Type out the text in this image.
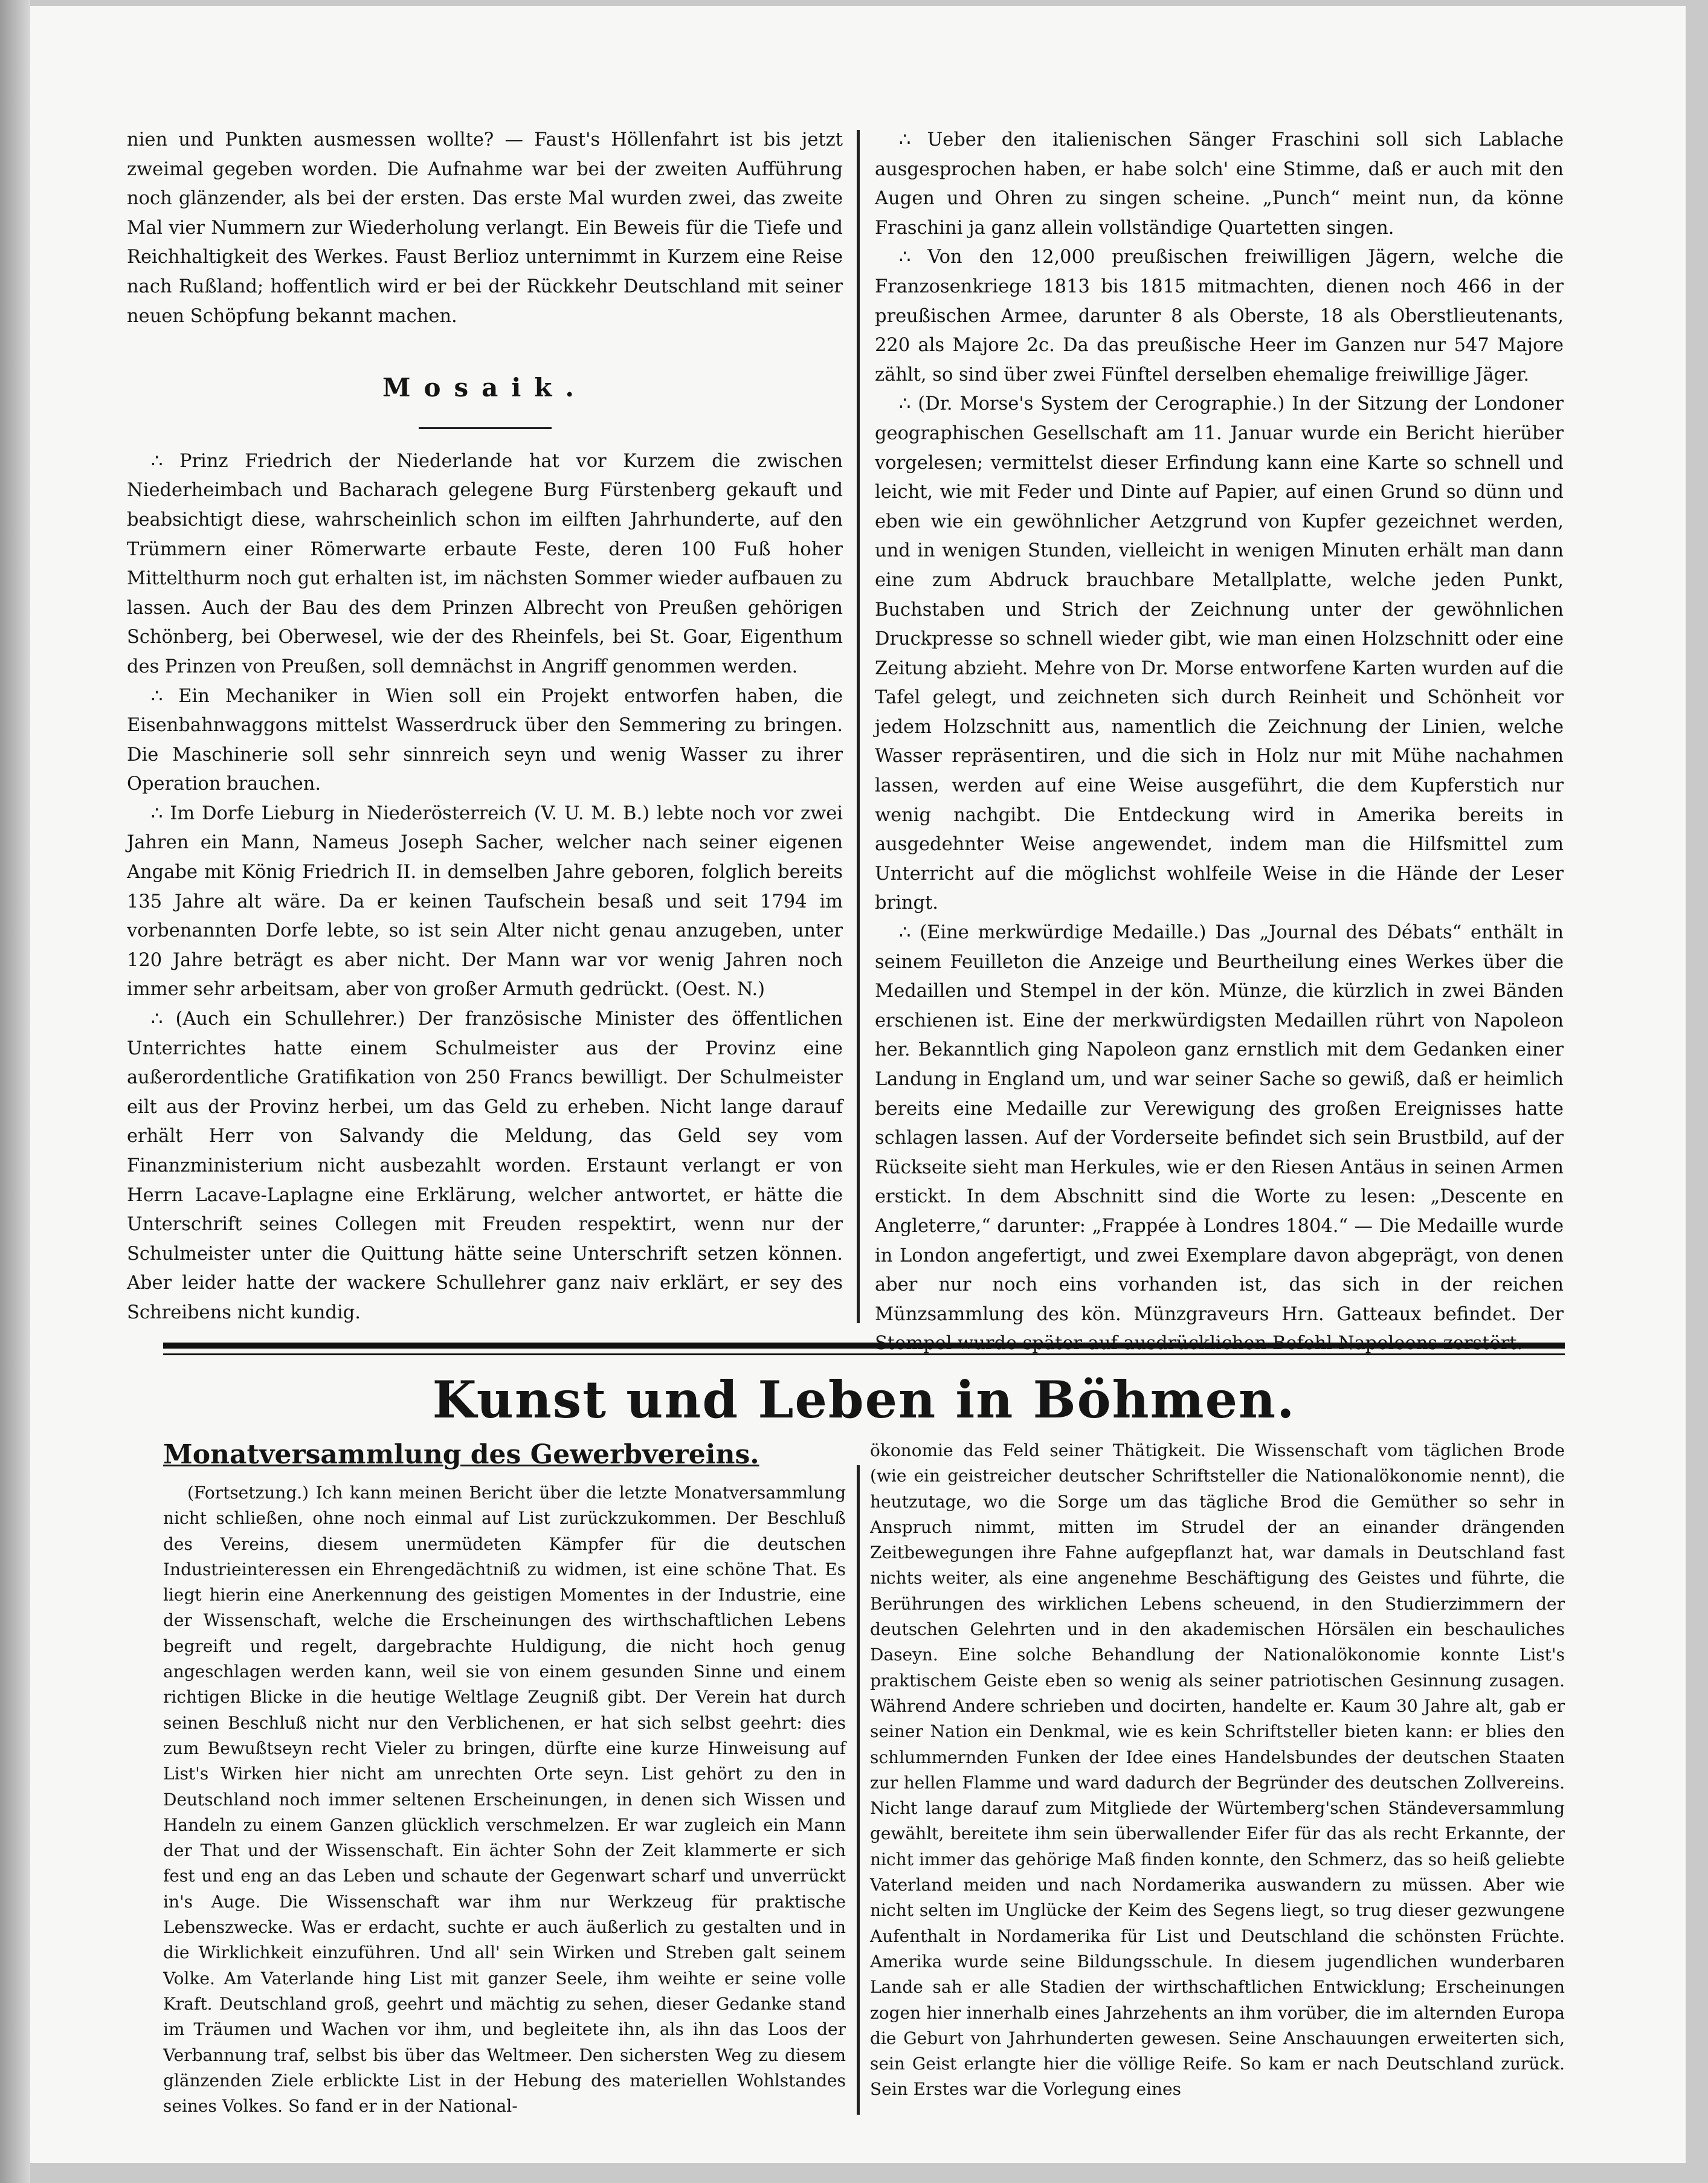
nien und Punkten ausmessen wollte? — Faust's Höllenfahrt ist bis jetzt zweimal gegeben worden. Die Aufnahme war bei der zweiten Aufführung noch glänzender, als bei der ersten. Das erste Mal wurden zwei, das zweite Mal vier Nummern zur Wiederholung verlangt. Ein Beweis für die Tiefe und Reichhaltigkeit des Werkes. Faust Berlioz unternimmt in Kurzem eine Reise nach Rußland; hoffentlich wird er bei der Rückkehr Deutschland mit seiner neuen Schöpfung bekannt machen.

Mosaik.

∴ Prinz Friedrich der Niederlande hat vor Kurzem die zwischen Niederheimbach und Bacharach gelegene Burg Fürstenberg gekauft und beabsichtigt diese, wahrscheinlich schon im eilften Jahrhunderte, auf den Trümmern einer Römerwarte erbaute Feste, deren 100 Fuß hoher Mittelthurm noch gut erhalten ist, im nächsten Sommer wieder aufbauen zu lassen. Auch der Bau des dem Prinzen Albrecht von Preußen gehörigen Schönberg, bei Oberwesel, wie der des Rheinfels, bei St. Goar, Eigenthum des Prinzen von Preußen, soll demnächst in Angriff genommen werden.

∴ Ein Mechaniker in Wien soll ein Projekt entworfen haben, die Eisenbahnwaggons mittelst Wasserdruck über den Semmering zu bringen. Die Maschinerie soll sehr sinnreich seyn und wenig Wasser zu ihrer Operation brauchen.

∴ Im Dorfe Lieburg in Niederösterreich (V. U. M. B.) lebte noch vor zwei Jahren ein Mann, Nameus Joseph Sacher, welcher nach seiner eigenen Angabe mit König Friedrich II. in demselben Jahre geboren, folglich bereits 135 Jahre alt wäre. Da er keinen Taufschein besaß und seit 1794 im vorbenannten Dorfe lebte, so ist sein Alter nicht genau anzugeben, unter 120 Jahre beträgt es aber nicht. Der Mann war vor wenig Jahren noch immer sehr arbeitsam, aber von großer Armuth gedrückt. (Oest. N.)

∴ (Auch ein Schullehrer.) Der französische Minister des öffentlichen Unterrichtes hatte einem Schulmeister aus der Provinz eine außerordentliche Gratifikation von 250 Francs bewilligt. Der Schulmeister eilt aus der Provinz herbei, um das Geld zu erheben. Nicht lange darauf erhält Herr von Salvandy die Meldung, das Geld sey vom Finanzministerium nicht ausbezahlt worden. Erstaunt verlangt er von Herrn Lacave-Laplagne eine Erklärung, welcher antwortet, er hätte die Unterschrift seines Collegen mit Freuden respektirt, wenn nur der Schulmeister unter die Quittung hätte seine Unterschrift setzen können. Aber leider hatte der wackere Schullehrer ganz naiv erklärt, er sey des Schreibens nicht kundig.

∴ Ueber den italienischen Sänger Fraschini soll sich Lablache ausgesprochen haben, er habe solch' eine Stimme, daß er auch mit den Augen und Ohren zu singen scheine. „Punch“ meint nun, da könne Fraschini ja ganz allein vollständige Quartetten singen.

∴ Von den 12,000 preußischen freiwilligen Jägern, welche die Franzosenkriege 1813 bis 1815 mitmachten, dienen noch 466 in der preußischen Armee, darunter 8 als Oberste, 18 als Oberstlieutenants, 220 als Majore 2c. Da das preußische Heer im Ganzen nur 547 Majore zählt, so sind über zwei Fünftel derselben ehemalige freiwillige Jäger.

∴ (Dr. Morse's System der Cerographie.) In der Sitzung der Londoner geographischen Gesellschaft am 11. Januar wurde ein Bericht hierüber vorgelesen; vermittelst dieser Erfindung kann eine Karte so schnell und leicht, wie mit Feder und Dinte auf Papier, auf einen Grund so dünn und eben wie ein gewöhnlicher Aetzgrund von Kupfer gezeichnet werden, und in wenigen Stunden, vielleicht in wenigen Minuten erhält man dann eine zum Abdruck brauchbare Metallplatte, welche jeden Punkt, Buchstaben und Strich der Zeichnung unter der gewöhnlichen Druckpresse so schnell wieder gibt, wie man einen Holzschnitt oder eine Zeitung abzieht. Mehre von Dr. Morse entworfene Karten wurden auf die Tafel gelegt, und zeichneten sich durch Reinheit und Schönheit vor jedem Holzschnitt aus, namentlich die Zeichnung der Linien, welche Wasser repräsentiren, und die sich in Holz nur mit Mühe nachahmen lassen, werden auf eine Weise ausgeführt, die dem Kupferstich nur wenig nachgibt. Die Entdeckung wird in Amerika bereits in ausgedehnter Weise angewendet, indem man die Hilfsmittel zum Unterricht auf die möglichst wohlfeile Weise in die Hände der Leser bringt.

∴ (Eine merkwürdige Medaille.) Das „Journal des Débats“ enthält in seinem Feuilleton die Anzeige und Beurtheilung eines Werkes über die Medaillen und Stempel in der kön. Münze, die kürzlich in zwei Bänden erschienen ist. Eine der merkwürdigsten Medaillen rührt von Napoleon her. Bekanntlich ging Napoleon ganz ernstlich mit dem Gedanken einer Landung in England um, und war seiner Sache so gewiß, daß er heimlich bereits eine Medaille zur Verewigung des großen Ereignisses hatte schlagen lassen. Auf der Vorderseite befindet sich sein Brustbild, auf der Rückseite sieht man Herkules, wie er den Riesen Antäus in seinen Armen erstickt. In dem Abschnitt sind die Worte zu lesen: „Descente en Angleterre,“ darunter: „Frappée à Londres 1804.“ — Die Medaille wurde in London angefertigt, und zwei Exemplare davon abgeprägt, von denen aber nur noch eins vorhanden ist, das sich in der reichen Münzsammlung des kön. Münzgraveurs Hrn. Gatteaux befindet. Der

Kunst und Leben in Böhmen.
Monatversammlung des Gewerbvereins.

(Fortsetzung.) Ich kann meinen Bericht über die letzte Monatversammlung nicht schließen, ohne noch einmal auf List zurückzukommen. Der Beschluß des Vereins, diesem unermüdeten Kämpfer für die deutschen Industrieinteressen ein Ehrengedächtniß zu widmen, ist eine schöne That. Es liegt hierin eine Anerkennung des geistigen Momentes in der Industrie, eine der Wissenschaft, welche die Erscheinungen des wirthschaftlichen Lebens begreift und regelt, dargebrachte Huldigung, die nicht hoch genug angeschlagen werden kann, weil sie von einem gesunden Sinne und einem richtigen Blicke in die heutige Weltlage Zeugniß gibt. Der Verein hat durch seinen Beschluß nicht nur den Verblichenen, er hat sich selbst geehrt: dies zum Bewußtseyn recht Vieler zu bringen, dürfte eine kurze Hinweisung auf List's Wirken hier nicht am unrechten Orte seyn. List gehört zu den in Deutschland noch immer seltenen Erscheinungen, in denen sich Wissen und Handeln zu einem Ganzen glücklich verschmelzen. Er war zugleich ein Mann der That und der Wissenschaft. Ein ächter Sohn der Zeit klammerte er sich fest und eng an das Leben und schaute der Gegenwart scharf und unverrückt in's Auge. Die Wissenschaft war ihm nur Werkzeug für praktische Lebenszwecke. Was er erdacht, suchte er auch äußerlich zu gestalten und in die Wirklichkeit einzuführen. Und all' sein Wirken und Streben galt seinem Volke. Am Vaterlande hing List mit ganzer Seele, ihm weihte er seine volle Kraft. Deutschland groß, geehrt und mächtig zu sehen, dieser Gedanke stand im Träumen und Wachen vor ihm, und begleitete ihn, als ihn das Loos der Verbannung traf, selbst bis über das Weltmeer. Den sichersten Weg zu diesem glänzenden Ziele erblickte List in der Hebung des materiellen Wohlstandes seines Volkes. So fand er in der National-

ökonomie das Feld seiner Thätigkeit. Die Wissenschaft vom täglichen Brode (wie ein geistreicher deutscher Schriftsteller die Nationalökonomie nennt), die heutzutage, wo die Sorge um das tägliche Brod die Gemüther so sehr in Anspruch nimmt, mitten im Strudel der an einander drängenden Zeitbewegungen ihre Fahne aufgepflanzt hat, war damals in Deutschland fast nichts weiter, als eine angenehme Beschäftigung des Geistes und führte, die Berührungen des wirklichen Lebens scheuend, in den Studierzimmern der deutschen Gelehrten und in den akademischen Hörsälen ein beschauliches Daseyn. Eine solche Behandlung der Nationalökonomie konnte List's praktischem Geiste eben so wenig als seiner patriotischen Gesinnung zusagen. Während Andere schrieben und docirten, handelte er. Kaum 30 Jahre alt, gab er seiner Nation ein Denkmal, wie es kein Schriftsteller bieten kann: er blies den schlummernden Funken der Idee eines Handelsbundes der deutschen Staaten zur hellen Flamme und ward dadurch der Begründer des deutschen Zollvereins. Nicht lange darauf zum Mitgliede der Würtemberg'schen Ständeversammlung gewählt, bereitete ihm sein überwallender Eifer für das als recht Erkannte, der nicht immer das gehörige Maß finden konnte, den Schmerz, das so heiß geliebte Vaterland meiden und nach Nordamerika auswandern zu müssen. Aber wie nicht selten im Unglücke der Keim des Segens liegt, so trug dieser gezwungene Aufenthalt in Nordamerika für List und Deutschland die schönsten Früchte. Amerika wurde seine Bildungsschule. In diesem jugendlichen wunderbaren Lande sah er alle Stadien der wirthschaftlichen Entwicklung; Erscheinungen zogen hier innerhalb eines Jahrzehents an ihm vorüber, die im alternden Europa die Geburt von Jahrhunderten gewesen. Seine Anschauungen erweiterten sich, sein Geist erlangte hier die völlige Reife. So kam er nach Deutschland zurück. Sein Erstes war die Vorlegung eines
